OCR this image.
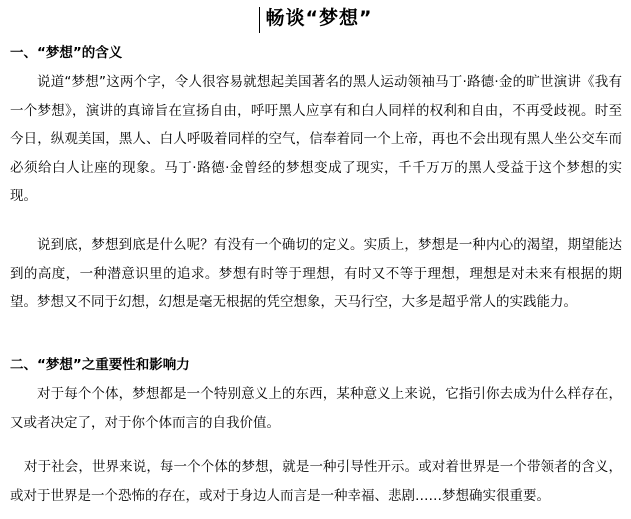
畅谈“梦想”
一、“梦想”的含义

说道“梦想”这两个字，令人很容易就想起美国著名的黑人运动领袖马丁·路德·金的旷世演讲《我有一个梦想》，演讲的真谛旨在宣扬自由，呼吁黑人应享有和白人同样的权利和自由，不再受歧视。时至今日，纵观美国，黑人、白人呼吸着同样的空气，信奉着同一个上帝，再也不会出现有黑人坐公交车而必须给白人让座的现象。马丁·路德·金曾经的梦想变成了现实，千千万万的黑人受益于这个梦想的实现。

说到底，梦想到底是什么呢？有没有一个确切的定义。实质上，梦想是一种内心的渴望，期望能达到的高度，一种潜意识里的追求。梦想有时等于理想，有时又不等于理想，理想是对未来有根据的期望。梦想又不同于幻想，幻想是毫无根据的凭空想象，天马行空，大多是超乎常人的实践能力。

二、“梦想”之重要性和影响力

对于每个个体，梦想都是一个特别意义上的东西，某种意义上来说，它指引你去成为什么样存在，又或者决定了，对于你个体而言的自我价值。

对于社会，世界来说，每一个个体的梦想，就是一种引导性开示。或对着世界是一个带领者的含义，或对于世界是一个恐怖的存在，或对于身边人而言是一种幸福、悲剧……梦想确实很重要。
